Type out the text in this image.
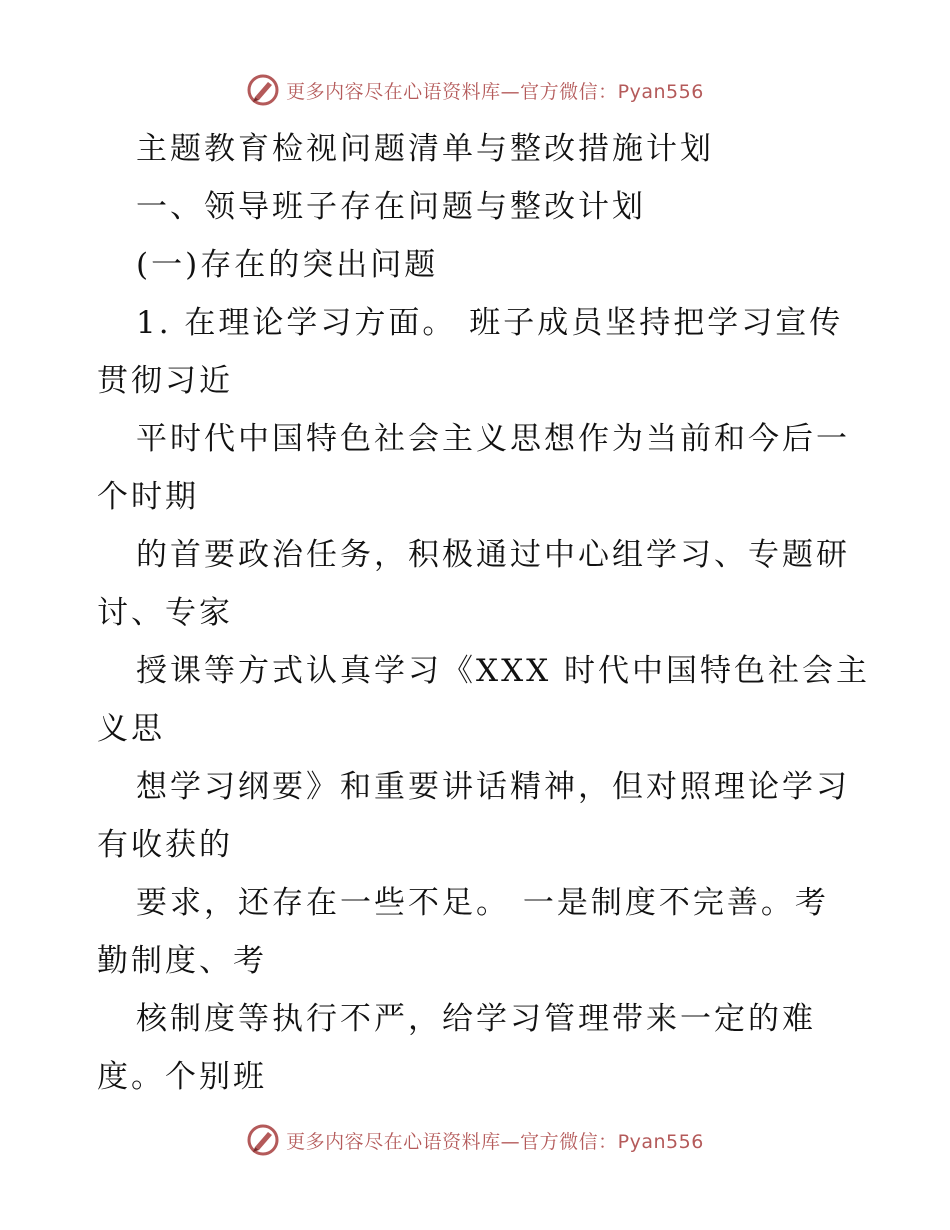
更多内容尽在心语资料库—官方微信：Pyan556
主题教育检视问题清单与整改措施计划
一、领导班子存在问题与整改计划
(一)存在的突出问题
1. 在理论学习方面。 班子成员坚持把学习宣传
贯彻习近
平时代中国特色社会主义思想作为当前和今后一
个时期
的首要政治任务，积极通过中心组学习、专题研
讨、专家
授课等方式认真学习《XXX 时代中国特色社会主
义思
想学习纲要》和重要讲话精神，但对照理论学习
有收获的
要求，还存在一些不足。 一是制度不完善。考
勤制度、考
核制度等执行不严，给学习管理带来一定的难
度。个别班
更多内容尽在心语资料库—官方微信：Pyan556
